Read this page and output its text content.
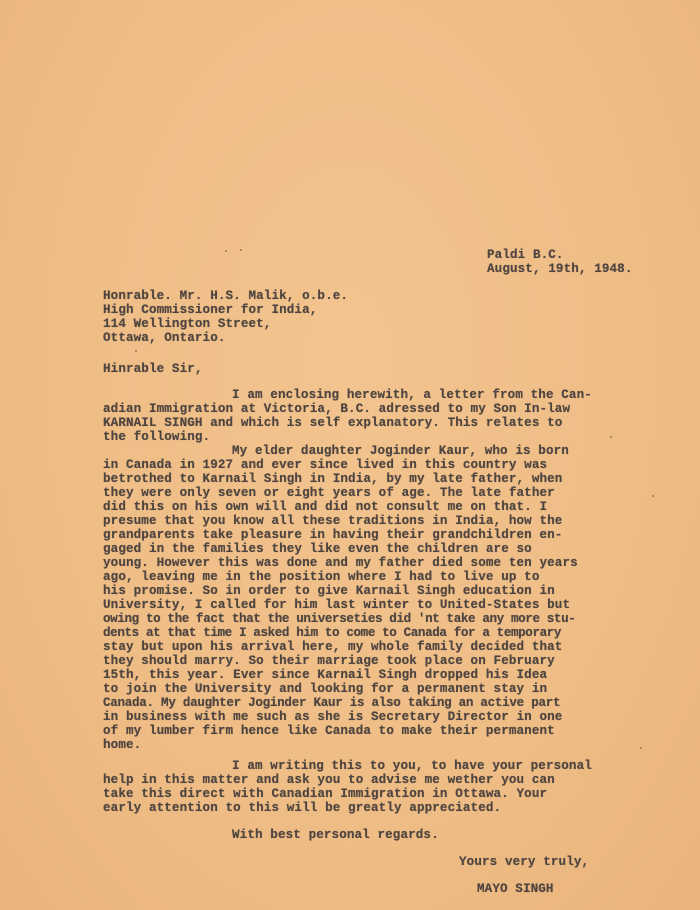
Paldi B.C.
August, 19th, 1948.
Honrable. Mr. H.S. Malik, o.b.e.
High Commissioner for India,
114 Wellington Street,
Ottawa, Ontario.
Hinrable Sir,
I am enclosing herewith, a letter from the Can-
adian Immigration at Victoria, B.C. adressed to my Son In-law
KARNAIL SINGH and which is self explanatory. This relates to
the following.
My elder daughter Joginder Kaur, who is born
in Canada in 1927 and ever since lived in this country was
betrothed to Karnail Singh in India, by my late father, when
they were only seven or eight years of age. The late father
did this on his own will and did not consult me on that. I
presume that you know all these traditions in India, how the
grandparents take pleasure in having their grandchildren en-
gaged in the families they like even the children are so
young. However this was done and my father died some ten years
ago, leaving me in the position where I had to live up to
his promise. So in order to give Karnail Singh education in
University, I called for him last winter to United-States but
owing to the fact that the universeties did 'nt take any more stu-
dents at that time I asked him to come to Canada for a temporary
stay but upon his arrival here, my whole family decided that
they should marry. So their marriage took place on February
15th, this year. Ever since Karnail Singh dropped his Idea
to join the University and looking for a permanent stay in
Canada. My daughter Joginder Kaur is also taking an active part
in business with me such as she is Secretary Director in one
of my lumber firm hence like Canada to make their permanent
home.
I am writing this to you, to have your personal
help in this matter and ask you to advise me wether you can
take this direct with Canadian Immigration in Ottawa. Your
early attention to this will be greatly appreciated.
With best personal regards.
Yours very truly,
MAYO SINGH
